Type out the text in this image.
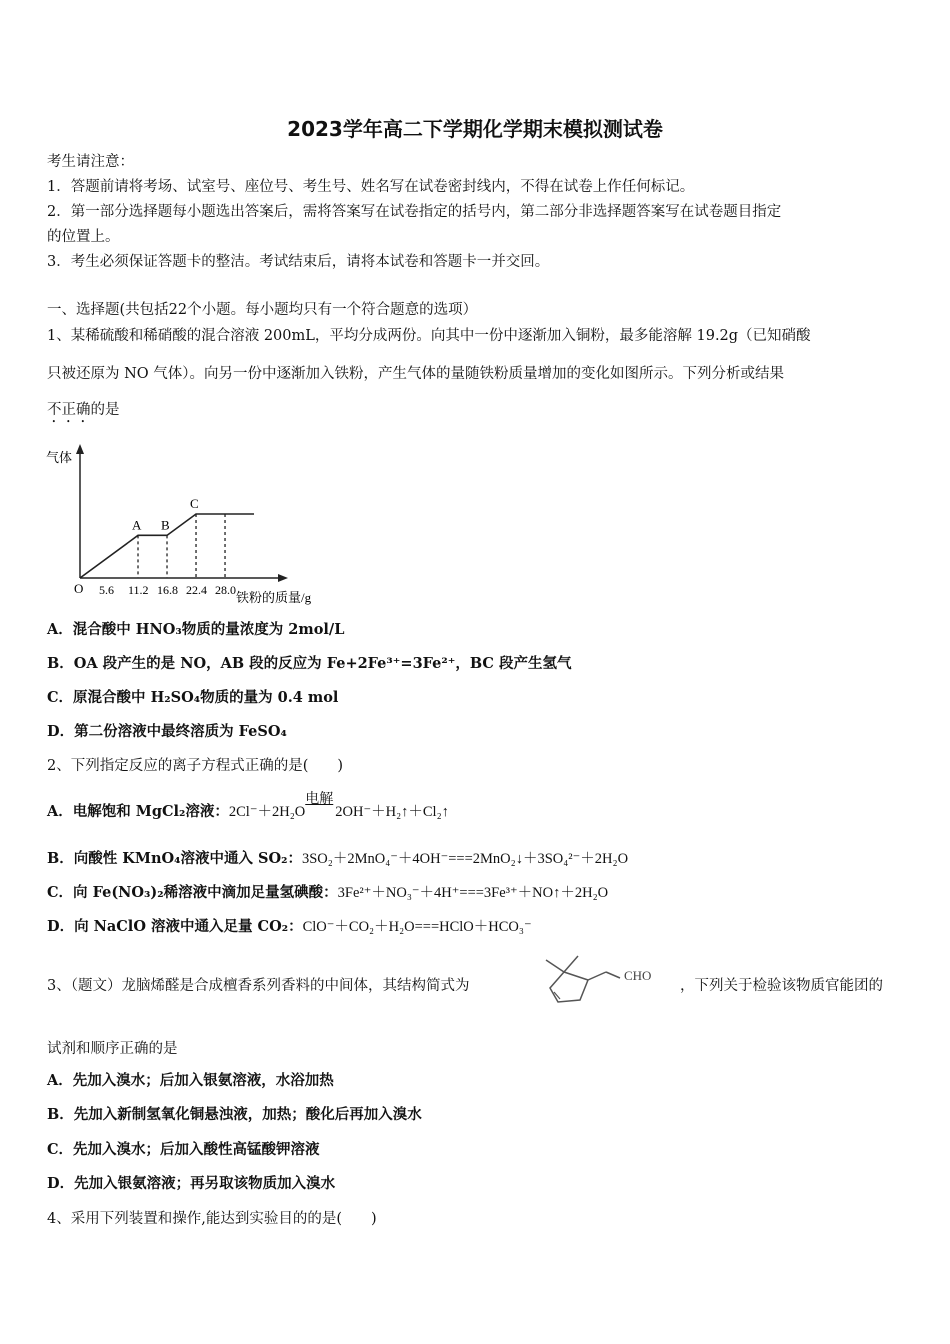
2023学年高二下学期化学期末模拟测试卷
考生请注意：
1．答题前请将考场、试室号、座位号、考生号、姓名写在试卷密封线内，不得在试卷上作任何标记。
2．第一部分选择题每小题选出答案后，需将答案写在试卷指定的括号内，第二部分非选择题答案写在试卷题目指定
的位置上。
3．考生必须保证答题卡的整洁。考试结束后，请将本试卷和答题卡一并交回。
一、选择题(共包括22个小题。每小题均只有一个符合题意的选项）
1、某稀硫酸和稀硝酸的混合溶液 200mL，平均分成两份。向其中一份中逐渐加入铜粉，最多能溶解 19.2g（已知硝酸
只被还原为 NO 气体）。向另一份中逐渐加入铁粉，产生气体的量随铁粉质量增加的变化如图所示。下列分析或结果
不正确的是
气体
O
铁粉的质量/g
5.6 11.2 16.8 22.4 28.0
A B
C
A．混合酸中 HNO₃物质的量浓度为 2mol/L
B．OA 段产生的是 NO，AB 段的反应为 Fe+2Fe³⁺=3Fe²⁺，BC 段产生氢气
C．原混合酸中 H₂SO₄物质的量为 0.4 mol
D．第二份溶液中最终溶质为 FeSO₄
2、下列指定反应的离子方程式正确的是(　　)
A．电解饱和 MgCl₂溶液：2Cl⁻＋2H₂O
电解
2OH⁻＋H₂↑＋Cl₂↑
B．向酸性 KMnO₄溶液中通入 SO₂：3SO₂＋2MnO₄⁻＋4OH⁻===2MnO₂↓＋3SO₄²⁻＋2H₂O
C．向 Fe(NO₃)₂稀溶液中滴加足量氢碘酸：3Fe²⁺＋NO₃⁻＋4H⁺===3Fe³⁺＋NO↑＋2H₂O
D．向 NaClO 溶液中通入足量 CO₂：ClO⁻＋CO₂＋H₂O===HClO＋HCO₃⁻
3、（题文）龙脑烯醛是合成檀香系列香料的中间体，其结构简式为
CHO
，下列关于检验该物质官能团的
试剂和顺序正确的是
A．先加入溴水；后加入银氨溶液，水浴加热
B．先加入新制氢氧化铜悬浊液，加热；酸化后再加入溴水
C．先加入溴水；后加入酸性高锰酸钾溶液
D．先加入银氨溶液；再另取该物质加入溴水
4、采用下列装置和操作,能达到实验目的的是(　　)
